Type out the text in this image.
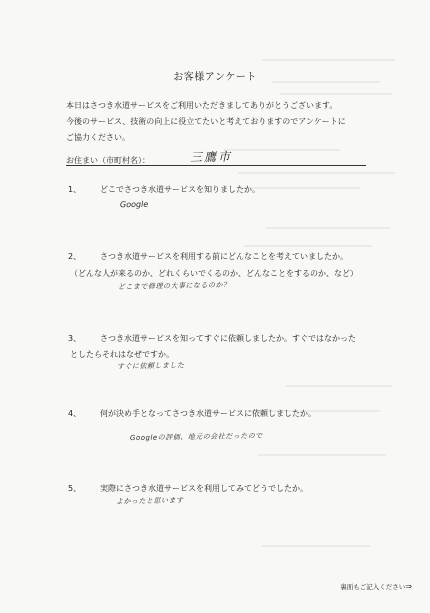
お客様アンケート
本日はさつき水道サービスをご利用いただきましてありがとうございます。
今後のサービス、技術の向上に役立てたいと考えておりますのでアンケートに
ご協力ください。
お住まい（市町村名）：	三鷹市
1、 どこでさつき水道サービスを知りましたか。
Google
2、 さつき水道サービスを利用する前にどんなことを考えていましたか。
（どんな人が来るのか、どれくらいでくるのか、どんなことをするのか、など）
どこまで修理の大事になるのか？
3、 さつき水道サービスを知ってすぐに依頼しましたか。すぐではなかった
としたらそれはなぜですか。
すぐに依頼しました
4、 何が決め手となってさつき水道サービスに依頼しましたか。
Googleの評価、地元の会社だったので
5、 実際にさつき水道サービスを利用してみてどうでしたか。
よかったと思います
裏面もご記入ください⇒
